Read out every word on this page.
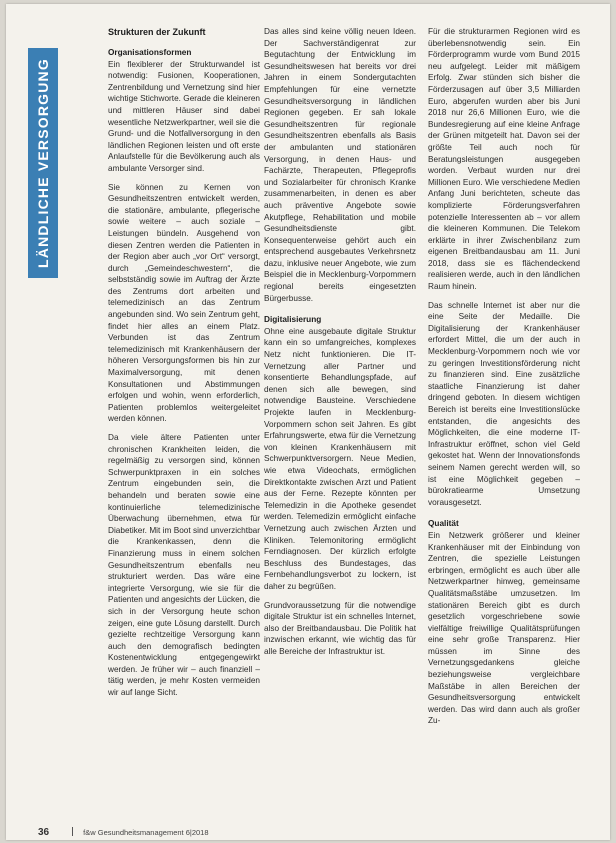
LÄNDLICHE VERSORGUNG
Strukturen der Zukunft
Organisationsformen

Ein flexiblerer der Strukturwandel ist notwendig: Fusionen, Kooperationen, Zentrenbildung und Vernetzung sind hier wichtige Stichworte. Gerade die kleineren und mittleren Häuser sind dabei wesentliche Netzwerkpartner, weil sie die Grund- und die Notfallversorgung in den ländlichen Regionen leisten und oft erste Anlaufstelle für die Bevölkerung auch als ambulante Versorger sind.

Sie können zu Kernen von Gesundheitszentren entwickelt werden, die stationäre, ambulante, pflegerische sowie weitere – auch soziale – Leistungen bündeln. Ausgehend von diesen Zentren werden die Patienten in der Region aber auch „vor Ort“ versorgt, durch „Gemeindeschwestern“, die selbstständig sowie im Auftrag der Ärzte des Zentrums dort arbeiten und telemedizinisch an das Zentrum angebunden sind. Wo sein Zentrum geht, findet hier alles an einem Platz. Verbunden ist das Zentrum telemedizinisch mit Krankenhäusern der höheren Versorgungsformen bis hin zur Maximalversorgung, mit denen Konsultationen und Abstimmungen erfolgen und wohin, wenn erforderlich, Patienten problemlos weitergeleitet werden können.

Da viele ältere Patienten unter chronischen Krankheiten leiden, die regelmäßig zu versorgen sind, können Schwerpunktpraxen in ein solches Zentrum eingebunden sein, die behandeln und beraten sowie eine kontinuierliche telemedizinische Überwachung übernehmen, etwa für Diabetiker. Mit im Boot sind unverzichtbar die Krankenkassen, denn die Finanzierung muss in einem solchen Gesundheitszentrum ebenfalls neu strukturiert werden. Das wäre eine integrierte Versorgung, wie sie für die Patienten und angesichts der Lücken, die sich in der Versorgung heute schon zeigen, eine gute Lösung darstellt. Durch gezielte rechtzeitige Versorgung kann auch den demografisch bedingten Kostenentwicklung entgegengewirkt werden. Je früher wir – auch finanziell – tätig werden, je mehr Kosten vermeiden wir auf lange Sicht.

Das alles sind keine völlig neuen Ideen. Der Sachverständigenrat zur Begutachtung der Entwicklung im Gesundheitswesen hat bereits vor drei Jahren in einem Sondergutachten Empfehlungen für eine vernetzte Gesundheitsversorgung in ländlichen Regionen gegeben. Er sah lokale Gesundheitszentren für regionale Gesundheitszentren ebenfalls als Basis der ambulanten und stationären Versorgung, in denen Haus- und Fachärzte, Therapeuten, Pflegeprofis und Sozialarbeiter für chronisch Kranke zusammenarbeiten, in denen es aber auch präventive Angebote sowie Akutpflege, Rehabilitation und mobile Gesundheitsdienste gibt. Konsequenterweise gehört auch ein entsprechend ausgebautes Verkehrsnetz dazu, inklusive neuer Angebote, wie zum Beispiel die in Mecklenburg-Vorpommern regional bereits eingesetzten Bürgerbusse.

Digitalisierung

Ohne eine ausgebaute digitale Struktur kann ein so umfangreiches, komplexes Netz nicht funktionieren. Die IT-Vernetzung aller Partner und konsentierte Behandlungspfade, auf denen sich alle bewegen, sind notwendige Bausteine. Verschiedene Projekte laufen in Mecklenburg-Vorpommern schon seit Jahren. Es gibt Erfahrungswerte, etwa für die Vernetzung von kleinen Krankenhäusern mit Schwerpunktversorgern. Neue Medien, wie etwa Videochats, ermöglichen Direktkontakte zwischen Arzt und Patient aus der Ferne. Rezepte könnten per Telemedizin in die Apotheke gesendet werden. Telemedizin ermöglicht einfache Vernetzung auch zwischen Ärzten und Kliniken. Telemonitoring ermöglicht Ferndiagnosen. Der kürzlich erfolgte Beschluss des Bundestages, das Fernbehandlungsverbot zu lockern, ist daher zu begrüßen.

Grundvoraussetzung für die notwendige digitale Struktur ist ein schnelles Internet, also der Breitbandausbau. Die Politik hat inzwischen erkannt, wie wichtig das für alle Bereiche der Infrastruktur ist.

Für die strukturarmen Regionen wird es überlebensnotwendig sein. Ein Förderprogramm wurde vom Bund 2015 neu aufgelegt. Leider mit mäßigem Erfolg. Zwar stünden sich bisher die Förderzusagen auf über 3,5 Milliarden Euro, abgerufen wurden aber bis Juni 2018 nur 26,6 Millionen Euro, wie die Bundesregierung auf eine kleine Anfrage der Grünen mitgeteilt hat. Davon sei der größte Teil auch noch für Beratungsleistungen ausgegeben worden. Verbaut wurden nur drei Millionen Euro. Wie verschiedene Medien Anfang Juni berichteten, scheute das komplizierte Förderungsverfahren potenzielle Interessenten ab – vor allem die kleineren Kommunen. Die Telekom erklärte in ihrer Zwischenbilanz zum eigenen Breitbandausbau am 11. Juni 2018, dass sie es flächendeckend realisieren werde, auch in den ländlichen Raum hinein.

Das schnelle Internet ist aber nur die eine Seite der Medaille. Die Digitalisierung der Krankenhäuser erfordert Mittel, die um der auch in Mecklenburg-Vorpommern noch wie vor zu geringen Investitionsförderung nicht zu finanzieren sind. Eine zusätzliche staatliche Finanzierung ist daher dringend geboten. In diesem wichtigen Bereich ist bereits eine Investitionslücke entstanden, die angesichts des Möglichkeiten, die eine moderne IT-Infrastruktur eröffnet, schon viel Geld gekostet hat. Wenn der Innovationsfonds seinem Namen gerecht werden will, so ist eine Möglichkeit gegeben – bürokratiearme Umsetzung vorausgesetzt.

Qualität

Ein Netzwerk größerer und kleiner Krankenhäuser mit der Einbindung von Zentren, die spezielle Leistungen erbringen, ermöglicht es auch über alle Netzwerkpartner hinweg, gemeinsame Qualitätsmaßstäbe umzusetzen. Im stationären Bereich gibt es durch gesetzlich vorgeschriebene sowie vielfältige freiwillige Qualitätsprüfungen eine sehr große Transparenz. Hier müssen im Sinne des Vernetzungsgedankens gleiche beziehungsweise vergleichbare Maßstäbe in allen Bereichen der Gesundheitsversorgung entwickelt werden. Das wird dann auch als großer Zu-

36	f&w Gesundheitsmanagement 6|2018
